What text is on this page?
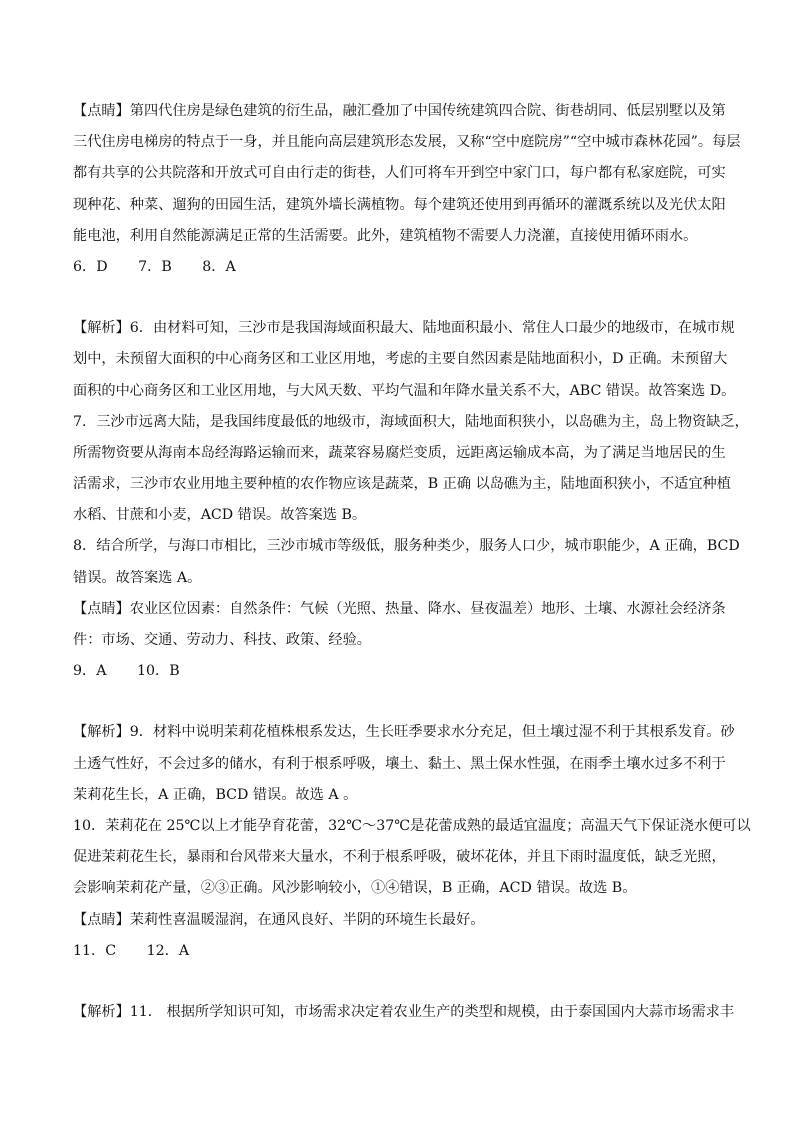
【点睛】第四代住房是绿色建筑的衍生品，融汇叠加了中国传统建筑四合院、街巷胡同、低层别墅以及第
三代住房电梯房的特点于一身，并且能向高层建筑形态发展，又称“空中庭院房”“空中城市森林花园”。每层
都有共享的公共院落和开放式可自由行走的街巷，人们可将车开到空中家门口，每户都有私家庭院，可实
现种花、种菜、遛狗的田园生活，建筑外墙长满植物。每个建筑还使用到再循环的灌溉系统以及光伏太阳
能电池，利用自然能源满足正常的生活需要。此外，建筑植物不需要人力浇灌，直接使用循环雨水。
6．D 7．B 8．A
【解析】6．由材料可知，三沙市是我国海域面积最大、陆地面积最小、常住人口最少的地级市，在城市规
划中，未预留大面积的中心商务区和工业区用地，考虑的主要自然因素是陆地面积小，D 正确。未预留大
面积的中心商务区和工业区用地，与大风天数、平均气温和年降水量关系不大，ABC 错误。故答案选 D。
7．三沙市远离大陆，是我国纬度最低的地级市，海域面积大，陆地面积狭小，以岛礁为主，岛上物资缺乏，
所需物资要从海南本岛经海路运输而来，蔬菜容易腐烂变质，远距离运输成本高，为了满足当地居民的生
活需求，三沙市农业用地主要种植的农作物应该是蔬菜，B 正确 以岛礁为主，陆地面积狭小，不适宜种植
水稻、甘蔗和小麦，ACD 错误。故答案选 B。
8．结合所学，与海口市相比，三沙市城市等级低，服务种类少，服务人口少，城市职能少，A 正确，BCD
错误。故答案选 A。
【点睛】农业区位因素：自然条件：气候（光照、热量、降水、昼夜温差）地形、土壤、水源社会经济条
件：市场、交通、劳动力、科技、政策、经验。
9．A 10．B
【解析】9．材料中说明茉莉花植株根系发达，生长旺季要求水分充足，但土壤过湿不利于其根系发育。砂
土透气性好，不会过多的储水，有利于根系呼吸，壤土、黏土、黑土保水性强，在雨季土壤水过多不利于
茉莉花生长，A 正确，BCD 错误。故选 A 。
10．茉莉花在 25℃以上才能孕育花蕾，32℃～37℃是花蕾成熟的最适宜温度；高温天气下保证浇水便可以
促进茉莉花生长，暴雨和台风带来大量水，不利于根系呼吸，破坏花体，并且下雨时温度低，缺乏光照，
会影响茉莉花产量，②③正确。风沙影响较小，①④错误，B 正确，ACD 错误。故选 B。
【点睛】茉莉性喜温暖湿润，在通风良好、半阴的环境生长最好。
11．C 12．A
【解析】11． 根据所学知识可知，市场需求决定着农业生产的类型和规模，由于泰国国内大蒜市场需求丰
